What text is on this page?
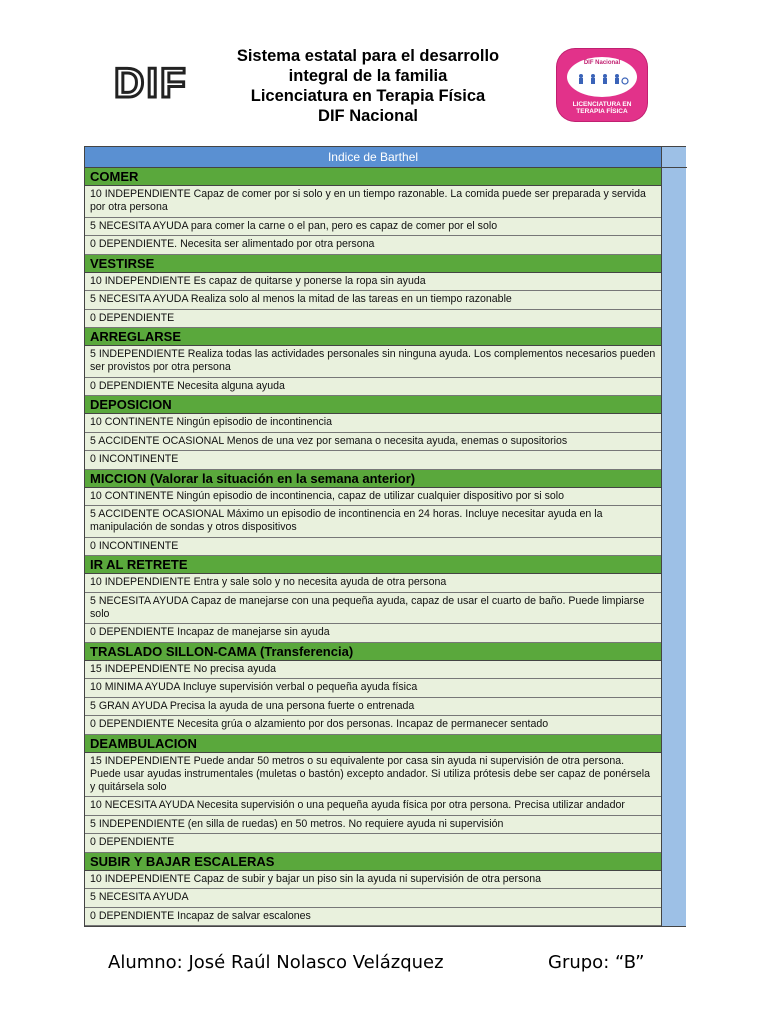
DIF
Sistema estatal para el desarrollo
integral de la familia
Licenciatura en Terapia Física
DIF Nacional
DIF Nacional
LICENCIATURA EN
TERAPIA FÍSICA
Indice de Barthel
COMER
10 INDEPENDIENTE Capaz de comer por si solo y en un tiempo razonable. La comida puede ser preparada y servida por otra persona
5 NECESITA AYUDA para comer la carne o el pan, pero es capaz de comer por el solo
0 DEPENDIENTE. Necesita ser alimentado por otra persona
VESTIRSE
10 INDEPENDIENTE Es capaz de quitarse y ponerse la ropa sin ayuda
5 NECESITA AYUDA Realiza solo al menos la mitad de las tareas en un tiempo razonable
0 DEPENDIENTE
ARREGLARSE
5 INDEPENDIENTE Realiza todas las actividades personales sin ninguna ayuda. Los complementos necesarios pueden ser provistos por otra persona
0 DEPENDIENTE Necesita alguna ayuda
DEPOSICION
10 CONTINENTE Ningún episodio de incontinencia
5 ACCIDENTE OCASIONAL Menos de una vez por semana o necesita ayuda, enemas o supositorios
0 INCONTINENTE
MICCION (Valorar la situación en la semana anterior)
10 CONTINENTE Ningún episodio de incontinencia, capaz de utilizar cualquier dispositivo por si solo
5 ACCIDENTE OCASIONAL Máximo un episodio de incontinencia en 24 horas. Incluye necesitar ayuda en la manipulación de sondas y otros dispositivos
0 INCONTINENTE
IR AL RETRETE
10 INDEPENDIENTE Entra y sale solo y no necesita ayuda de otra persona
5 NECESITA AYUDA Capaz de manejarse con una pequeña ayuda, capaz de usar el cuarto de baño. Puede limpiarse solo
0 DEPENDIENTE Incapaz de manejarse sin ayuda
TRASLADO SILLON-CAMA (Transferencia)
15 INDEPENDIENTE No precisa ayuda
10 MINIMA AYUDA Incluye supervisión verbal o pequeña ayuda física
5 GRAN AYUDA Precisa la ayuda de una persona fuerte o entrenada
0 DEPENDIENTE Necesita grúa o alzamiento por dos personas. Incapaz de permanecer sentado
DEAMBULACION
15 INDEPENDIENTE Puede andar 50 metros o su equivalente por casa sin ayuda ni supervisión de otra persona. Puede usar ayudas instrumentales (muletas o bastón) excepto andador. Si utiliza prótesis debe ser capaz de ponérsela y quitársela solo
10 NECESITA AYUDA Necesita supervisión o una pequeña ayuda física por otra persona. Precisa utilizar andador
5 INDEPENDIENTE (en silla de ruedas) en 50 metros. No requiere ayuda ni supervisión
0 DEPENDIENTE
SUBIR Y BAJAR ESCALERAS
10 INDEPENDIENTE Capaz de subir y bajar un piso sin la ayuda ni supervisión de otra persona
5 NECESITA AYUDA
0 DEPENDIENTE Incapaz de salvar escalones
Alumno: José Raúl Nolasco Velázquez	Grupo: “B”
